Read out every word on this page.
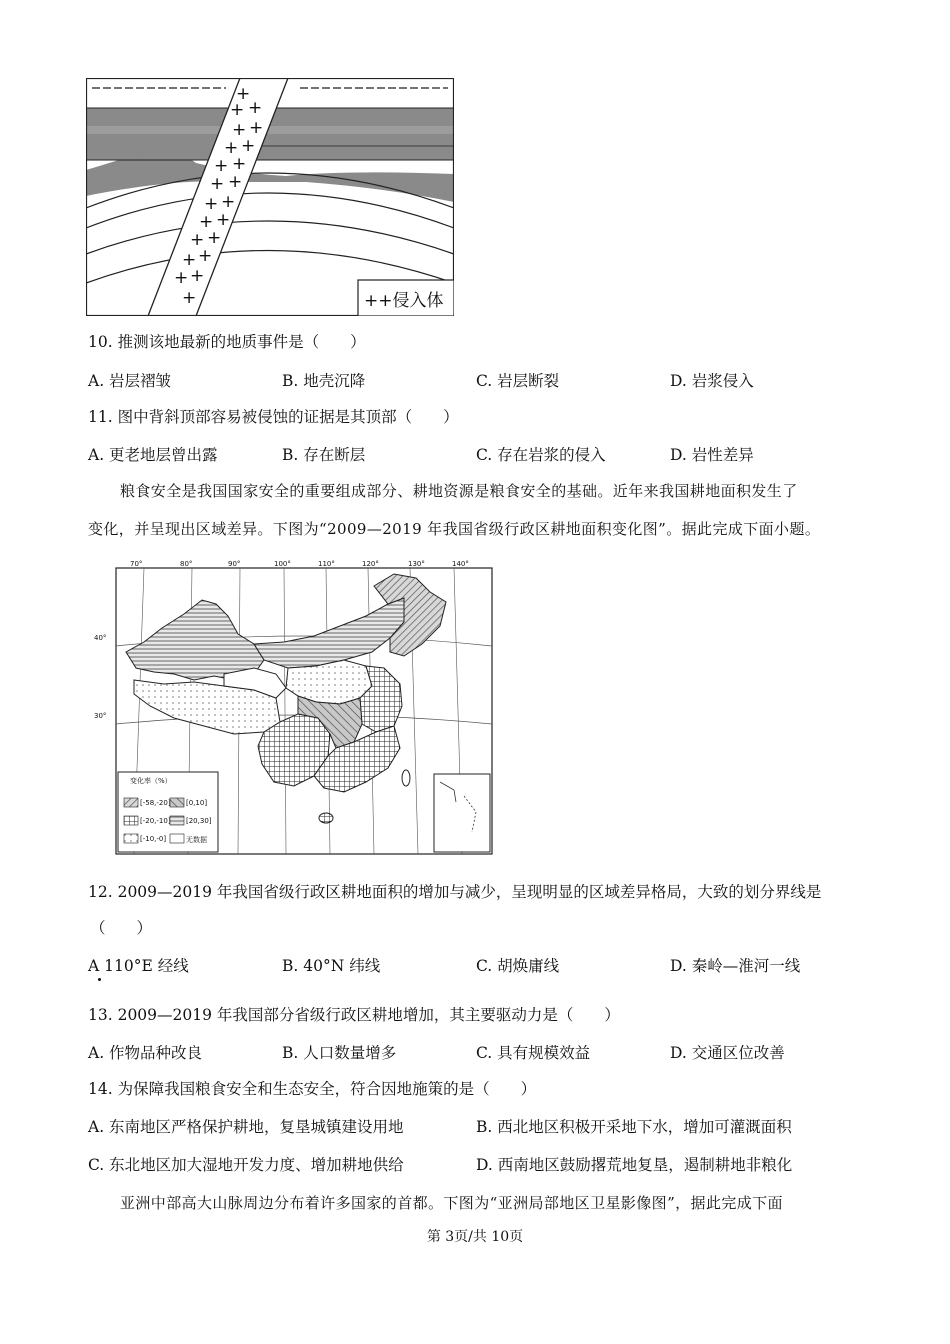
+
+ +
+ +
+ +
+ +
+ +
+ +
+ +
+ +
+ +
+ +
+	++侵入体
10. 推测该地最新的地质事件是（　　）
A. 岩层褶皱	B. 地壳沉降	C. 岩层断裂	D. 岩浆侵入
11. 图中背斜顶部容易被侵蚀的证据是其顶部（　　）
A. 更老地层曾出露	B. 存在断层	C. 存在岩浆的侵入	D. 岩性差异
粮食安全是我国国家安全的重要组成部分、耕地资源是粮食安全的基础。近年来我国耕地面积发生了
变化，并呈现出区域差异。下图为“2009—2019 年我国省级行政区耕地面积变化图”。据此完成下面小题。
70°	80°	90°	100°	110°	120°	130°	140°
40°
30°
变化率（%）
[-58,-20] [0,10]
[-20,-10] [20,30]
[-10,-0]	无数据
12. 2009—2019 年我国省级行政区耕地面积的增加与减少，呈现明显的区域差异格局，大致的划分界线是
（　　）
A 110°E 经线	B. 40°N 纬线	C. 胡焕庸线	D. 秦岭—淮河一线
13. 2009—2019 年我国部分省级行政区耕地增加，其主要驱动力是（　　）
A. 作物品种改良	B. 人口数量增多	C. 具有规模效益	D. 交通区位改善
14. 为保障我国粮食安全和生态安全，符合因地施策的是（　　）
A. 东南地区严格保护耕地，复垦城镇建设用地	B. 西北地区积极开采地下水，增加可灌溉面积
C. 东北地区加大湿地开发力度、增加耕地供给	D. 西南地区鼓励撂荒地复垦，遏制耕地非粮化
亚洲中部高大山脉周边分布着许多国家的首都。下图为“亚洲局部地区卫星影像图”，据此完成下面
第 3页/共 10页
